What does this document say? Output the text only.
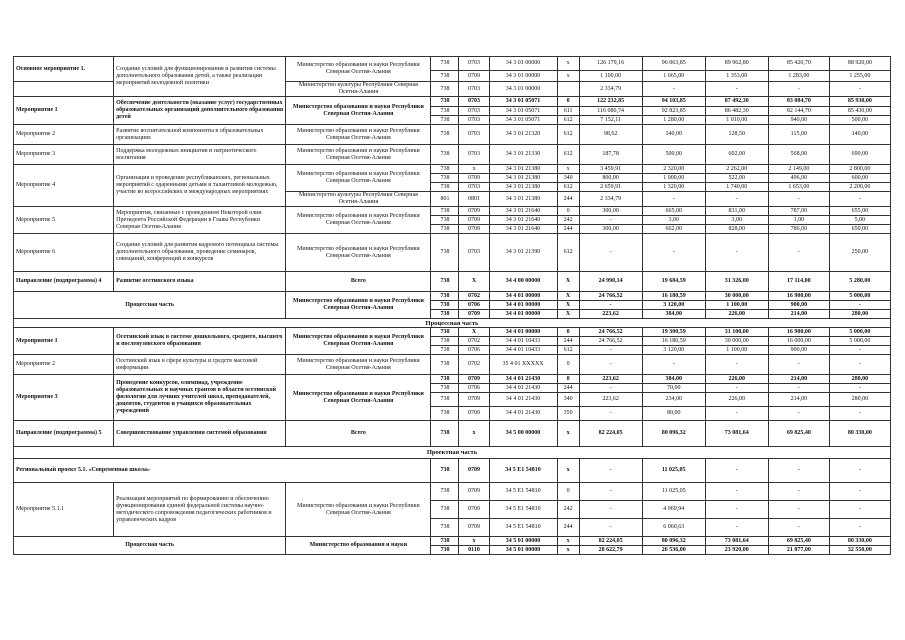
Основное мероприятие 1.	Создание условий для функционирования и развития системы дополнительного образования детей, а также реализации мероприятий молодежной политики	Министерство образования и науки Республики Северная Осетия-Алания	738	0703	34 3 01 00000	x	126 179,16	96 063,85	89 962,80	85 420,70	88 920,00
			738	0709	34 3 01 00000	x	1 100,00	1 665,00	1 353,00	1 283,00	1 255,00
		Министерство культуры Республики Северная Осетия-Алания	738	0703	34 3 01 00000		2 334,79	-	-	-	-
Мероприятие 1	Обеспечение деятельности (оказание услуг) государственных образовательных организаций дополнительного образования детей	Министерство образования и науки Республики Северная Осетия-Алания	738	0703	34 3 01 05071	0	122 232,85	94 103,85	87 492,30	83 084,70	85 930,00
			738	0703	34 3 01 05071	611	116 080,74	92 823,85	86 482,30	82 144,70	85 430,00
			738	0703	34 3 01 05071	612	7 152,11	1 280,00	1 010,00	940,00	500,00
Мероприятие 2	Развитие воспитательной компоненты в образовательных организациях	Министерство образования и науки Республики Северная Осетия-Алания	738	0703	34 3 01 21320	612	98,62	140,00	128,50	115,00	140,00
Мероприятие 3	Поддержка молодежных инициатив и патриотического воспитания	Министерство образования и науки Республики Северная Осетия-Алания	738	0703	34 3 01 21330	612	187,78	500,00	602,00	568,00	690,00
Мероприятие 4	Организация и проведение республиканских, региональных мероприятий с одаренными детьми и талантливой молодежью, участие во всероссийских и международных мероприятиях	Министерство образования и науки Республики Северная Осетия-Алания	738	x	34 3 01 21380	x	3 459,91	2 320,00	2 262,00	2 149,00	2 800,00
			738	0709	34 3 01 21380	340	800,00	1 000,00	522,00	496,00	600,00
			738	0703	34 3 01 21380	612	2 659,91	1 320,00	1 740,00	1 653,00	2 200,00
		Министерство культуры Республики Северная Осетия-Алания	801	0801	34 3 01 21380	244	2 334,79	-	-	-	-
Мероприятие 5	Мероприятия, связанные с проведением Некоторой олии Президента Российской Федерации в Главы Республики Северная Осетия-Алания	Министерство образования и науки Республики Северная Осетия-Алания	738	0709	34 3 01 21640	0	300,00	665,00	831,00	787,00	655,00
			738	0709	34 3 01 21640	242	-	3,00	3,00	1,00	5,00
			738	0709	34 3 01 21640	244	300,00	662,00	828,00	786,00	650,00
Мероприятие 6	Создание условий для развития кадрового потенциала системы дополнительного образования, проведение семинаров, совещаний, конференций и конкурсов	Министерство образования и науки Республики Северная Осетия-Алания	738	0703	34 3 01 21390	612	-	-	-	-	250,00
Направление (подпрограмма) 4	Развитие осетинского языка	Всего	738	X	34 4 00 00000	X	24 990,14	19 684,59	31 326,00	17 114,00	5 280,00
Процессная часть		Министерство образования и науки Республики Северная Осетия-Алания	738	0702	34 4 01 00000	X	24 766,52	16 180,59	30 000,00	16 900,00	5 000,00
			738	0706	34 4 01 00000	X	-	3 120,00	1 100,00	900,00	-
			738	0709	34 4 01 00000	X	223,62	384,00	226,00	214,00	280,00
Процессная часть											
Мероприятие 1	Осетинский язык в системе дошкольного, среднего, высшего и послевузовского образования	Министерство образования и науки Республики Северная Осетия-Алания	738	X	34 4 01 00000	0	24 766,52	19 300,59	31 100,00	16 900,00	5 000,00
			738	0702	34 4 01 10433	244	24 766,52	16 180,59	30 000,00	16 000,00	5 000,00
			738	0706	34 4 01 10433	612	-	3 120,00	1 100,00	900,00	-
Мероприятие 2	Осетинский язык в сфере культуры и средств массовой информации	Министерство образования и науки Республики Северная Осетия-Алания	738	0702	35 4 01 XXXXX	0	-	-	-	-	-
Мероприятие 3	Проведение конкурсов, олимпиад, учреждение образовательных и научных грантов в области осетинской филологии для лучших учителей школ, преподавателей, доцентов, студентов и учащихся образовательных учреждений	Министерство образования и науки Республики Северная Осетия-Алания	738	0709	34 4 01 21430	0	223,62	384,00	226,00	214,00	280,00
			738	0706	34 4 01 21430	244	-	70,00	-	-	-
			738	0709	34 4 01 21430	340	223,62	234,00	226,00	214,00	280,00
			738	0709	34 4 01 21430	350	-	80,00	-	-	-
Направление (подпрограмма) 5	Совершенствование управления системой образования	Всего	738	x	34 5 00 00000	x	82 224,05	80 096,32	73 081,64	69 825,40	80 330,00
Проектная часть											
Региональный проект 5.1. «Современная школа»			738	0709	34 5 E1 54810	x	-	11 025,05	-	-	-
Мероприятие 5.1.1	Реализация мероприятий по формированию и обеспечению функционирования единой федеральной системы научно-методического сопровождения педагогических работников и управленческих кадров	Министерство образования и науки Республики Северная Осетия-Алания	738	0709	34 5 E1 54810	0	-	11 025,05	-	-	-
			738	0709	34 5 E1 54810	242	-	4 969,94	-	-	-
			738	0709	34 5 E1 54810	244	-	6 060,63	-	-	-
Процессная часть		Министерство образования и науки	738	x	34 5 01 00000	x	82 224,05	80 096,32	73 081,64	69 825,40	80 330,00
			738	0110	34 5 01 00000	x	28 622,79	26 536,00	23 920,00	21 877,00	32 550,00
